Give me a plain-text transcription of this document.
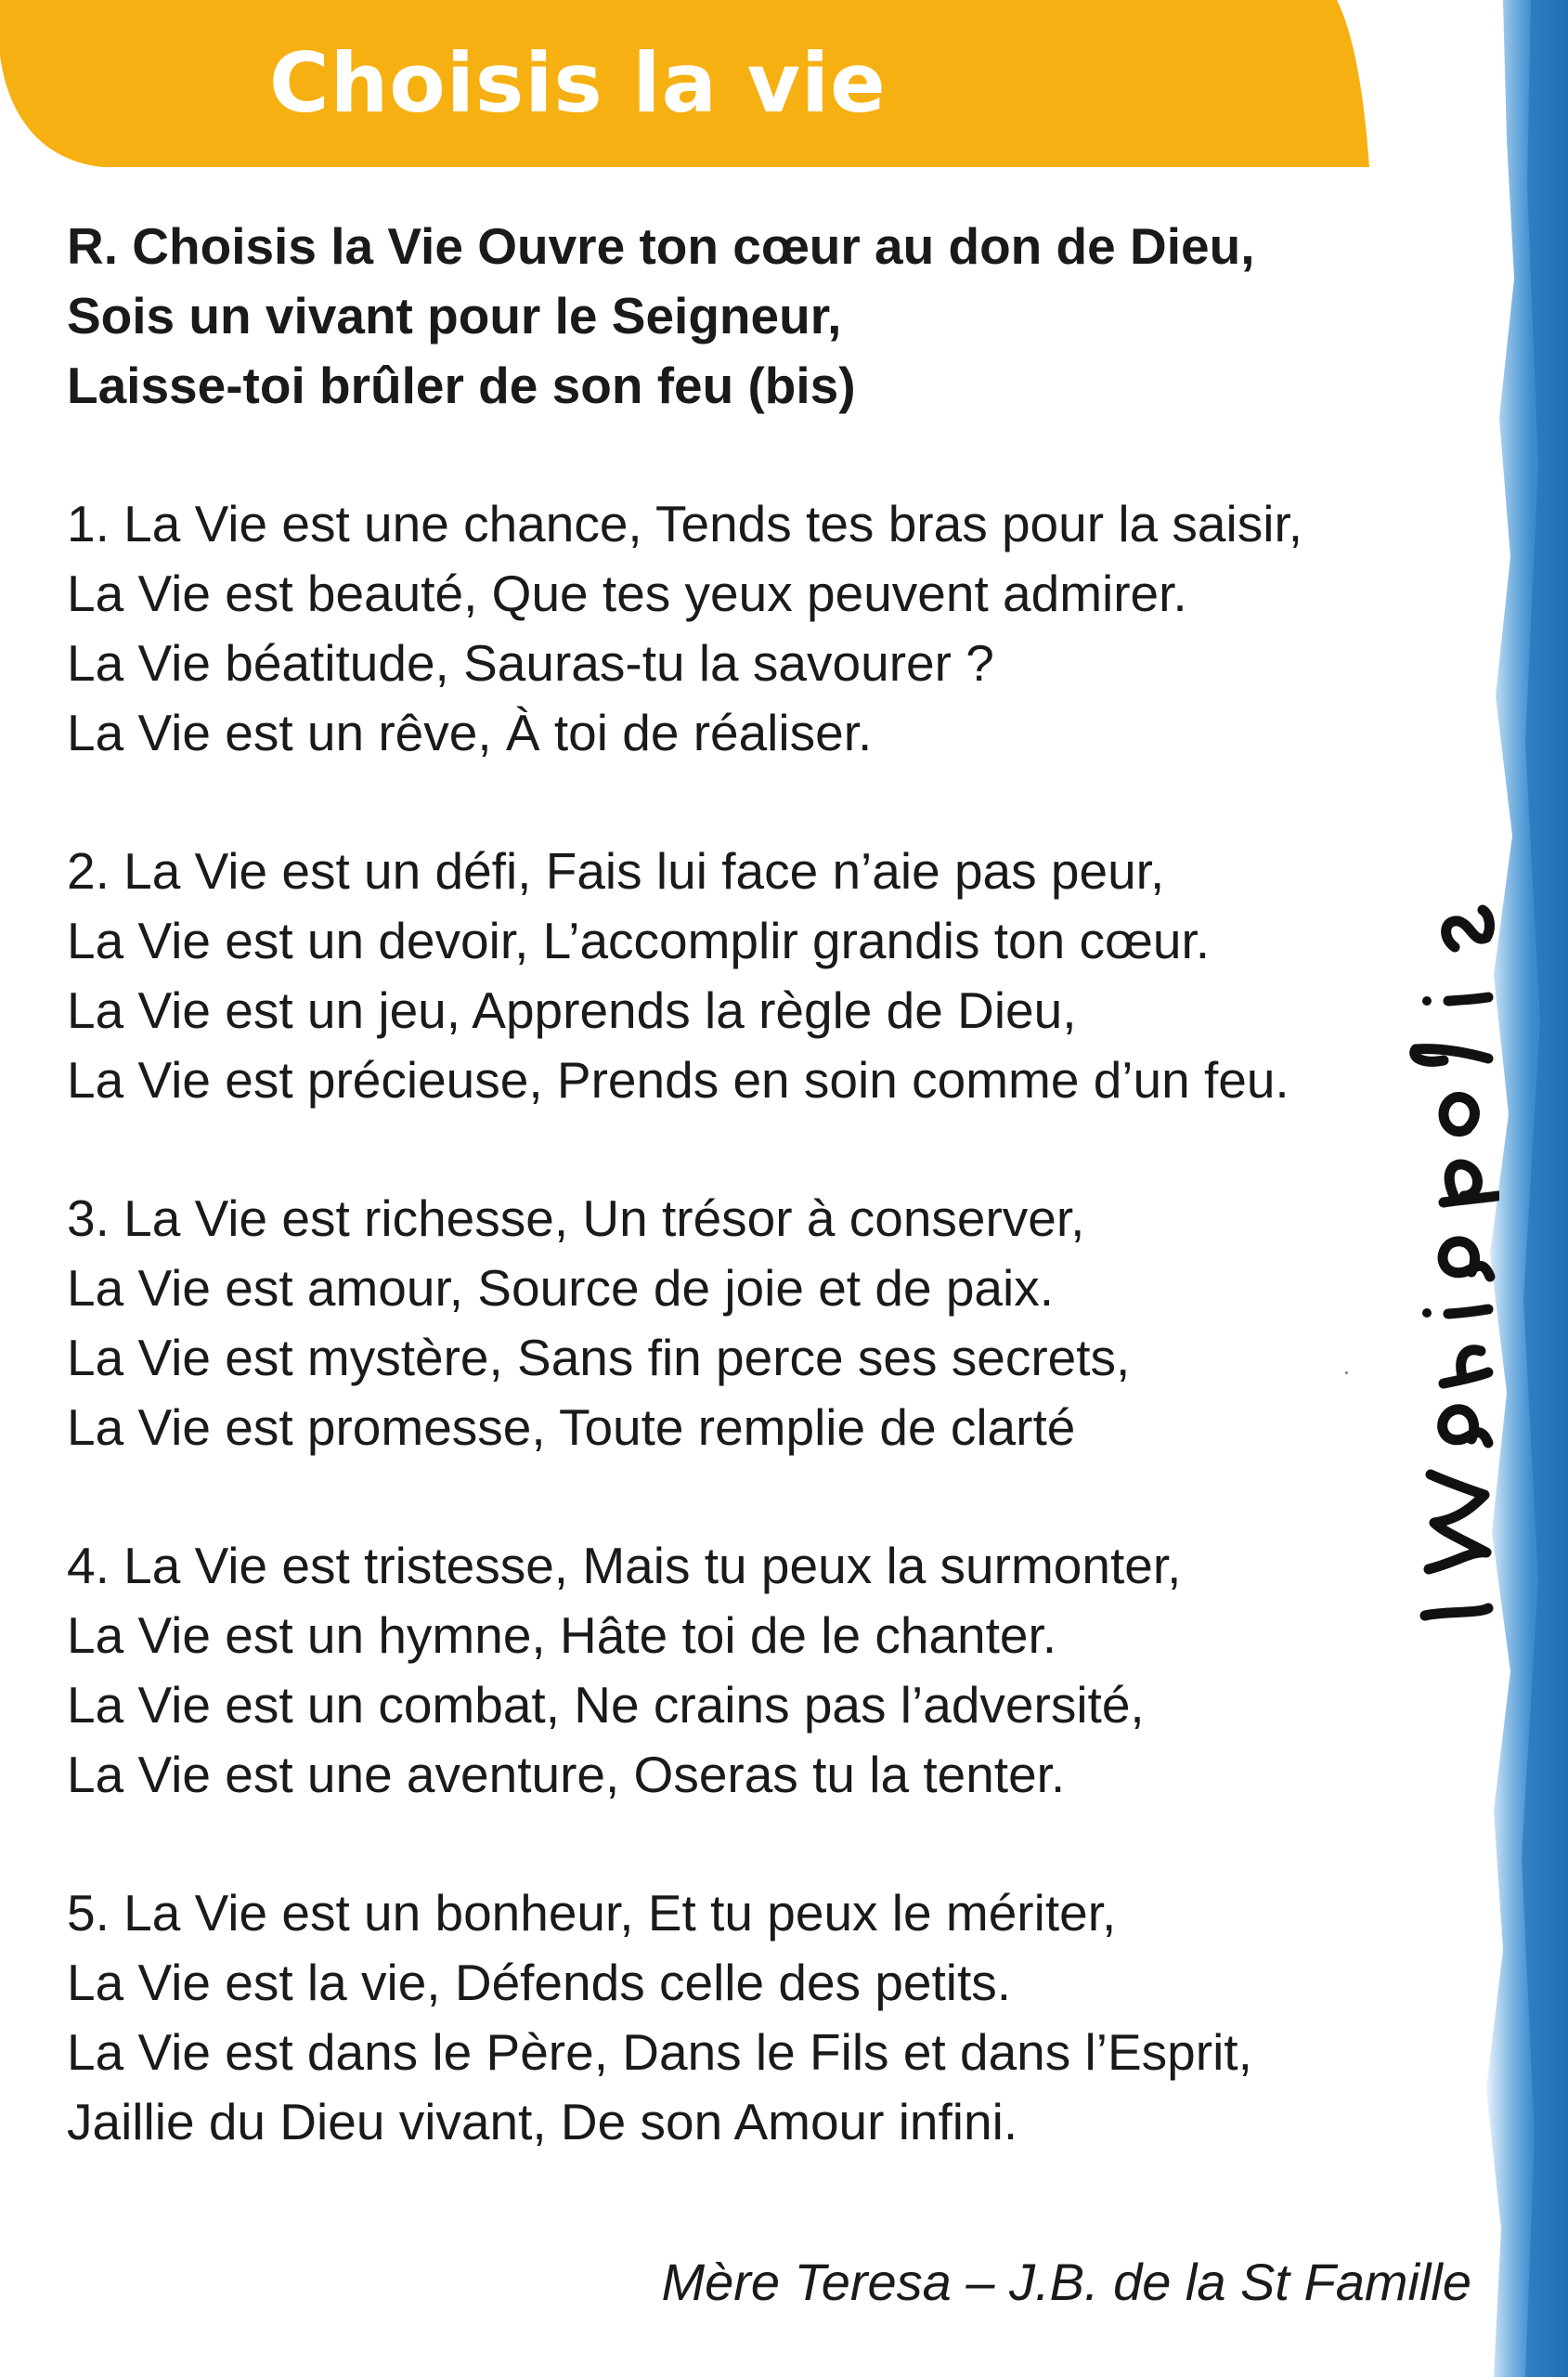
Choisis la vie
R. Choisis la Vie Ouvre ton cœur au don de Dieu,
Sois un vivant pour le Seigneur,
Laisse-toi brûler de son feu (bis)
1. La Vie est une chance, Tends tes bras pour la saisir,
La Vie est beauté, Que tes yeux peuvent admirer.
La Vie béatitude, Sauras-tu la savourer ?
La Vie est un rêve, À toi de réaliser.
2. La Vie est un défi, Fais lui face n’aie pas peur,
La Vie est un devoir, L’accomplir grandis ton cœur.
La Vie est un jeu, Apprends la règle de Dieu,
La Vie est précieuse, Prends en soin comme d’un feu.
3. La Vie est richesse, Un trésor à conserver,
La Vie est amour, Source de joie et de paix.
La Vie est mystère, Sans fin perce ses secrets,
La Vie est promesse, Toute remplie de clarté
4. La Vie est tristesse, Mais tu peux la surmonter,
La Vie est un hymne, Hâte toi de le chanter.
La Vie est un combat, Ne crains pas l’adversité,
La Vie est une aventure, Oseras tu la tenter.
5. La Vie est un bonheur, Et tu peux le mériter,
La Vie est la vie, Défends celle des petits.
La Vie est dans le Père, Dans le Fils et dans l’Esprit,
Jaillie du Dieu vivant, De son Amour infini.
Mère Teresa – J.B. de la St Famille
